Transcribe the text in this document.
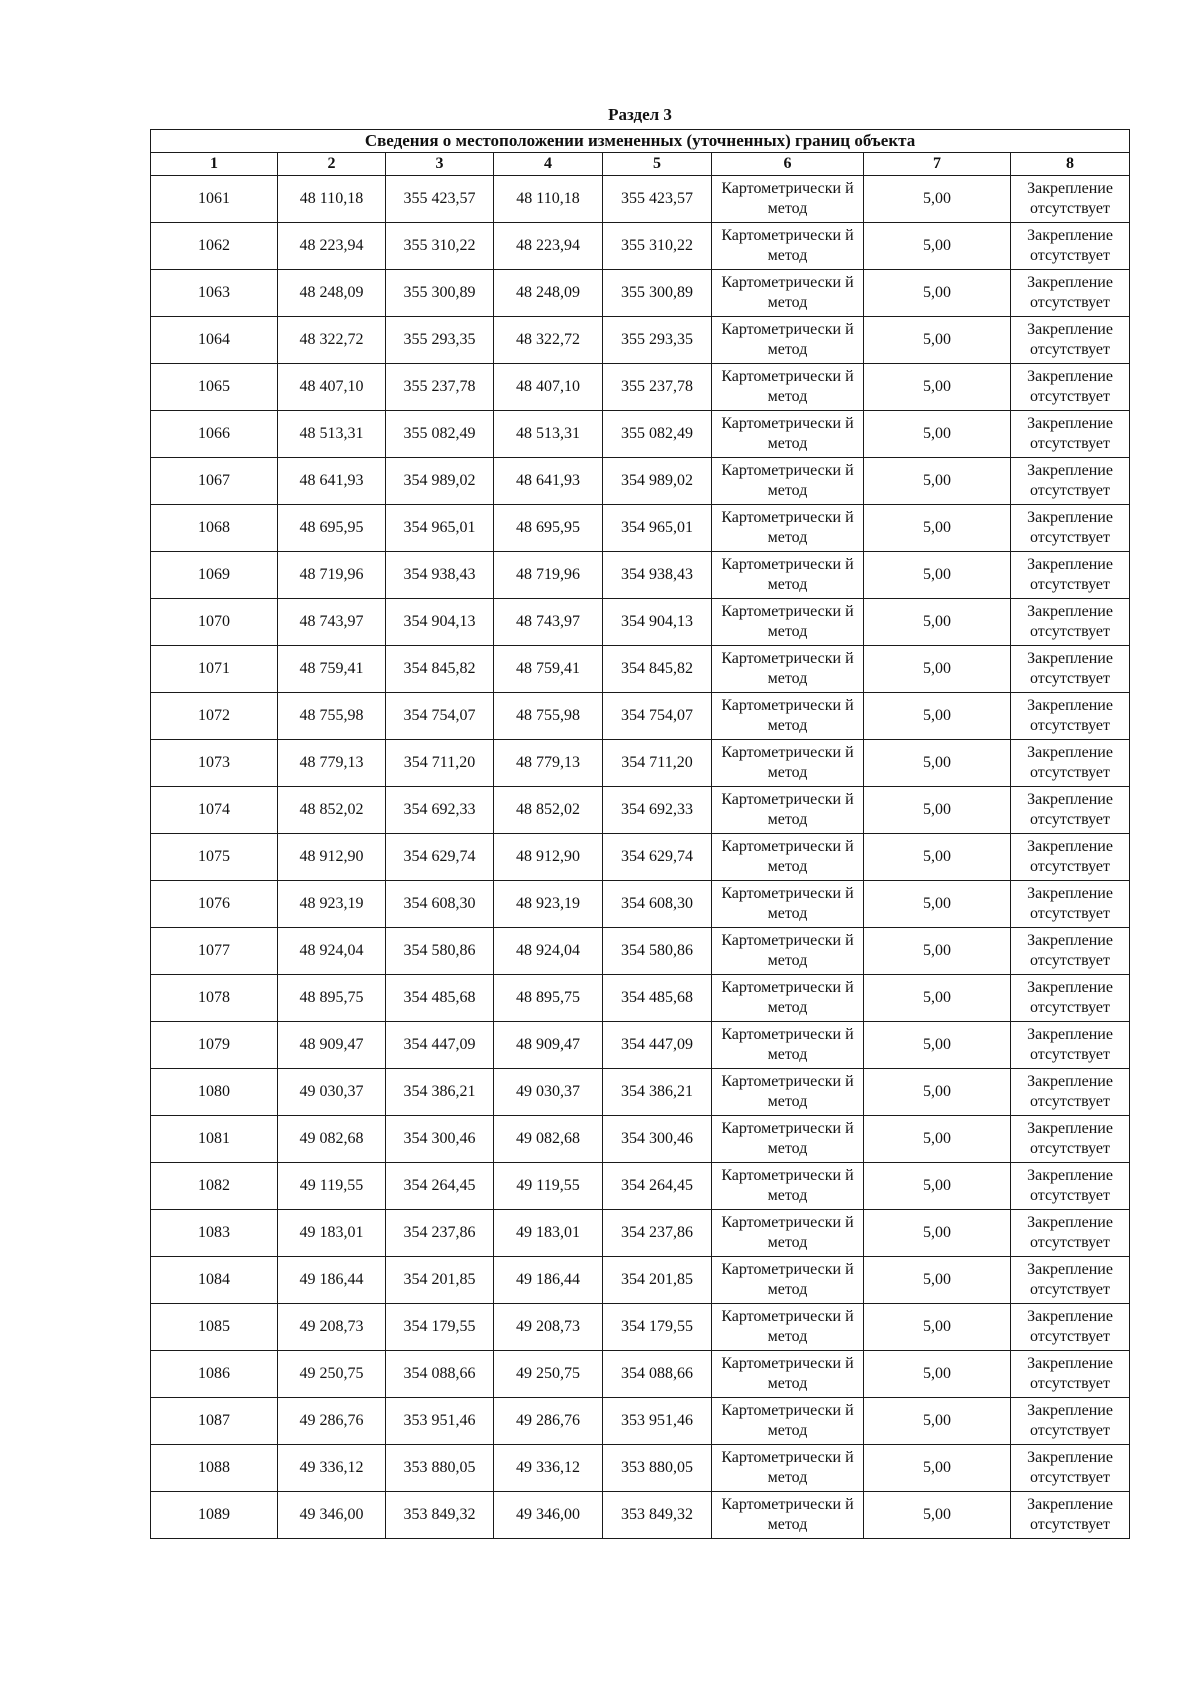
Раздел 3
Сведения о местоположении измененных (уточненных) границ объекта							
1	2	3	4	5	6	7	8
1061	48 110,18	355 423,57	48 110,18	355 423,57	Картометрически й метод	5,00	Закрепление отсутствует
1062	48 223,94	355 310,22	48 223,94	355 310,22	Картометрически й метод	5,00	Закрепление отсутствует
1063	48 248,09	355 300,89	48 248,09	355 300,89	Картометрически й метод	5,00	Закрепление отсутствует
1064	48 322,72	355 293,35	48 322,72	355 293,35	Картометрически й метод	5,00	Закрепление отсутствует
1065	48 407,10	355 237,78	48 407,10	355 237,78	Картометрически й метод	5,00	Закрепление отсутствует
1066	48 513,31	355 082,49	48 513,31	355 082,49	Картометрически й метод	5,00	Закрепление отсутствует
1067	48 641,93	354 989,02	48 641,93	354 989,02	Картометрически й метод	5,00	Закрепление отсутствует
1068	48 695,95	354 965,01	48 695,95	354 965,01	Картометрически й метод	5,00	Закрепление отсутствует
1069	48 719,96	354 938,43	48 719,96	354 938,43	Картометрически й метод	5,00	Закрепление отсутствует
1070	48 743,97	354 904,13	48 743,97	354 904,13	Картометрически й метод	5,00	Закрепление отсутствует
1071	48 759,41	354 845,82	48 759,41	354 845,82	Картометрически й метод	5,00	Закрепление отсутствует
1072	48 755,98	354 754,07	48 755,98	354 754,07	Картометрически й метод	5,00	Закрепление отсутствует
1073	48 779,13	354 711,20	48 779,13	354 711,20	Картометрически й метод	5,00	Закрепление отсутствует
1074	48 852,02	354 692,33	48 852,02	354 692,33	Картометрически й метод	5,00	Закрепление отсутствует
1075	48 912,90	354 629,74	48 912,90	354 629,74	Картометрически й метод	5,00	Закрепление отсутствует
1076	48 923,19	354 608,30	48 923,19	354 608,30	Картометрически й метод	5,00	Закрепление отсутствует
1077	48 924,04	354 580,86	48 924,04	354 580,86	Картометрически й метод	5,00	Закрепление отсутствует
1078	48 895,75	354 485,68	48 895,75	354 485,68	Картометрически й метод	5,00	Закрепление отсутствует
1079	48 909,47	354 447,09	48 909,47	354 447,09	Картометрически й метод	5,00	Закрепление отсутствует
1080	49 030,37	354 386,21	49 030,37	354 386,21	Картометрически й метод	5,00	Закрепление отсутствует
1081	49 082,68	354 300,46	49 082,68	354 300,46	Картометрически й метод	5,00	Закрепление отсутствует
1082	49 119,55	354 264,45	49 119,55	354 264,45	Картометрически й метод	5,00	Закрепление отсутствует
1083	49 183,01	354 237,86	49 183,01	354 237,86	Картометрически й метод	5,00	Закрепление отсутствует
1084	49 186,44	354 201,85	49 186,44	354 201,85	Картометрически й метод	5,00	Закрепление отсутствует
1085	49 208,73	354 179,55	49 208,73	354 179,55	Картометрически й метод	5,00	Закрепление отсутствует
1086	49 250,75	354 088,66	49 250,75	354 088,66	Картометрически й метод	5,00	Закрепление отсутствует
1087	49 286,76	353 951,46	49 286,76	353 951,46	Картометрически й метод	5,00	Закрепление отсутствует
1088	49 336,12	353 880,05	49 336,12	353 880,05	Картометрически й метод	5,00	Закрепление отсутствует
1089	49 346,00	353 849,32	49 346,00	353 849,32	Картометрически й метод	5,00	Закрепление отсутствует
